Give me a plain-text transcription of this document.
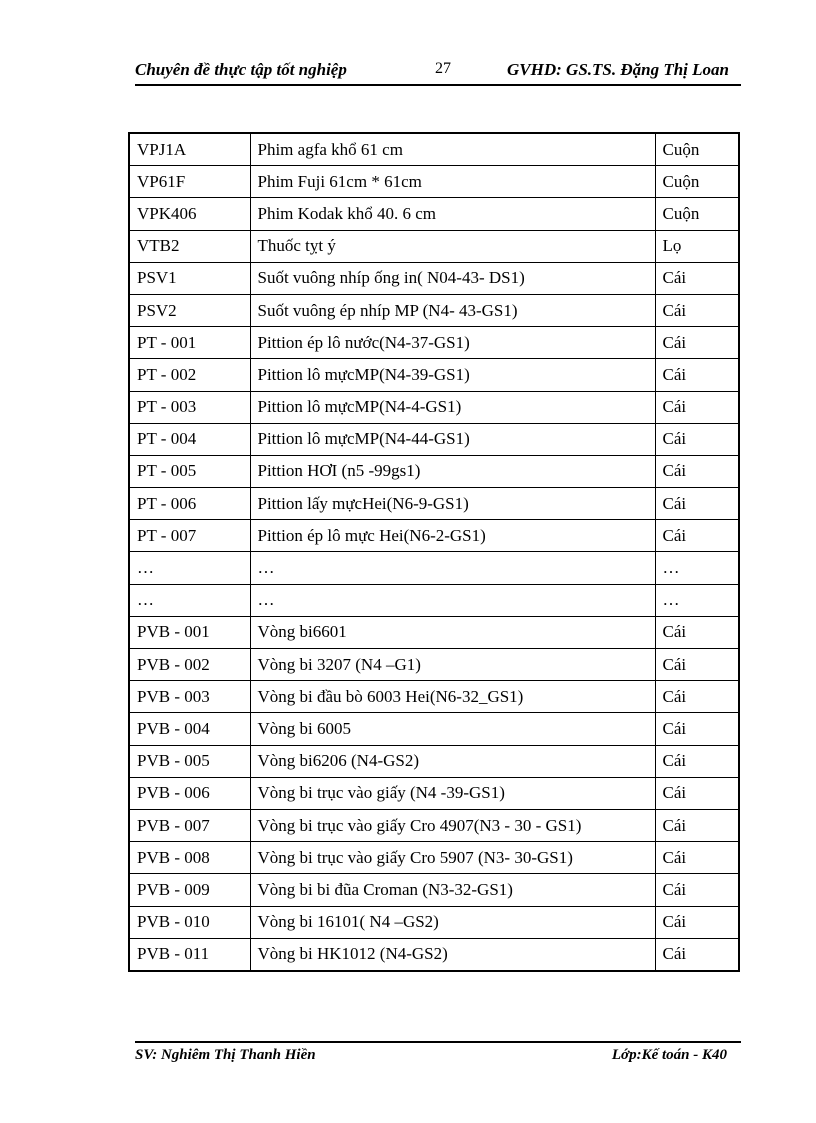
Chuyên đề thực tập tốt nghiệp	27	GVHD: GS.TS. Đặng Thị Loan
VPJ1A	Phim agfa khổ 61 cm	Cuộn
VP61F	Phim Fuji 61cm * 61cm	Cuộn
VPK406	Phim Kodak khổ 40. 6 cm	Cuộn
VTB2	Thuốc tỵt ý	Lọ
PSV1	Suốt vuông nhíp ống in( N04-43- DS1)	Cái
PSV2	Suốt vuông ép nhíp MP (N4- 43-GS1)	Cái
PT - 001	Pittion ép lô nước(N4-37-GS1)	Cái
PT - 002	Pittion lô mựcMP(N4-39-GS1)	Cái
PT - 003	Pittion lô mựcMP(N4-4-GS1)	Cái
PT - 004	Pittion lô mựcMP(N4-44-GS1)	Cái
PT - 005	Pittion HƠI (n5 -99gs1)	Cái
PT - 006	Pittion lấy mựcHei(N6-9-GS1)	Cái
PT - 007	Pittion ép lô mực Hei(N6-2-GS1)	Cái
…	…	…
…	…	…
PVB - 001	Vòng bi6601	Cái
PVB - 002	Vòng bi 3207 (N4 –G1)	Cái
PVB - 003	Vòng bi đầu bò 6003 Hei(N6-32_GS1)	Cái
PVB - 004	Vòng bi 6005	Cái
PVB - 005	Vòng bi6206 (N4-GS2)	Cái
PVB - 006	Vòng bi trục vào giấy (N4 -39-GS1)	Cái
PVB - 007	Vòng bi trục vào giấy Cro 4907(N3 - 30 - GS1)	Cái
PVB - 008	Vòng bi trục vào giấy Cro 5907 (N3- 30-GS1)	Cái
PVB - 009	Vòng bi bi đũa Croman (N3-32-GS1)	Cái
PVB - 010	Vòng bi 16101( N4 –GS2)	Cái
PVB - 011	Vòng bi HK1012 (N4-GS2)	Cái
SV: Nghiêm Thị Thanh Hiền	Lớp:Kế toán - K40
